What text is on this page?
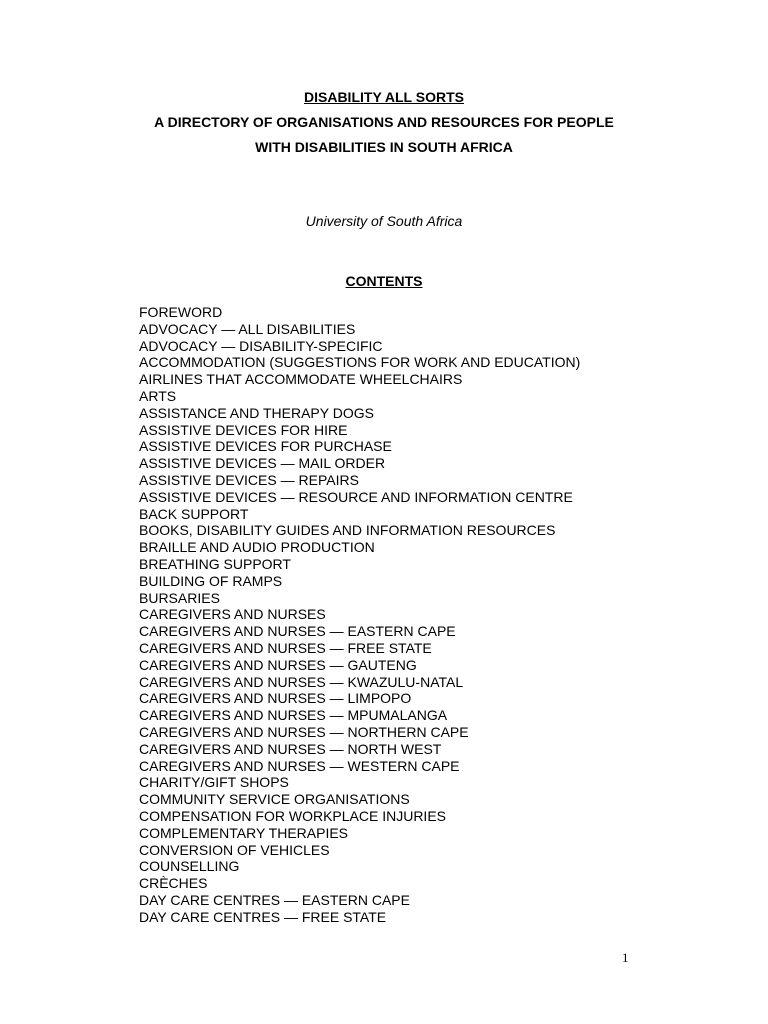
DISABILITY ALL SORTS

A DIRECTORY OF ORGANISATIONS AND RESOURCES FOR PEOPLE

WITH DISABILITIES IN SOUTH AFRICA

University of South Africa
CONTENTS
FOREWORD
ADVOCACY — ALL DISABILITIES
ADVOCACY — DISABILITY-SPECIFIC
ACCOMMODATION (SUGGESTIONS FOR WORK AND EDUCATION)
AIRLINES THAT ACCOMMODATE WHEELCHAIRS
ARTS
ASSISTANCE AND THERAPY DOGS
ASSISTIVE DEVICES FOR HIRE
ASSISTIVE DEVICES FOR PURCHASE
ASSISTIVE DEVICES — MAIL ORDER
ASSISTIVE DEVICES — REPAIRS
ASSISTIVE DEVICES — RESOURCE AND INFORMATION CENTRE
BACK SUPPORT
BOOKS, DISABILITY GUIDES AND INFORMATION RESOURCES
BRAILLE AND AUDIO PRODUCTION
BREATHING SUPPORT
BUILDING OF RAMPS
BURSARIES
CAREGIVERS AND NURSES
CAREGIVERS AND NURSES — EASTERN CAPE
CAREGIVERS AND NURSES — FREE STATE
CAREGIVERS AND NURSES — GAUTENG
CAREGIVERS AND NURSES — KWAZULU-NATAL
CAREGIVERS AND NURSES — LIMPOPO
CAREGIVERS AND NURSES — MPUMALANGA
CAREGIVERS AND NURSES — NORTHERN CAPE
CAREGIVERS AND NURSES — NORTH WEST
CAREGIVERS AND NURSES — WESTERN CAPE
CHARITY/GIFT SHOPS
COMMUNITY SERVICE ORGANISATIONS
COMPENSATION FOR WORKPLACE INJURIES
COMPLEMENTARY THERAPIES
CONVERSION OF VEHICLES
COUNSELLING
CRÈCHES
DAY CARE CENTRES — EASTERN CAPE
DAY CARE CENTRES — FREE STATE
1
